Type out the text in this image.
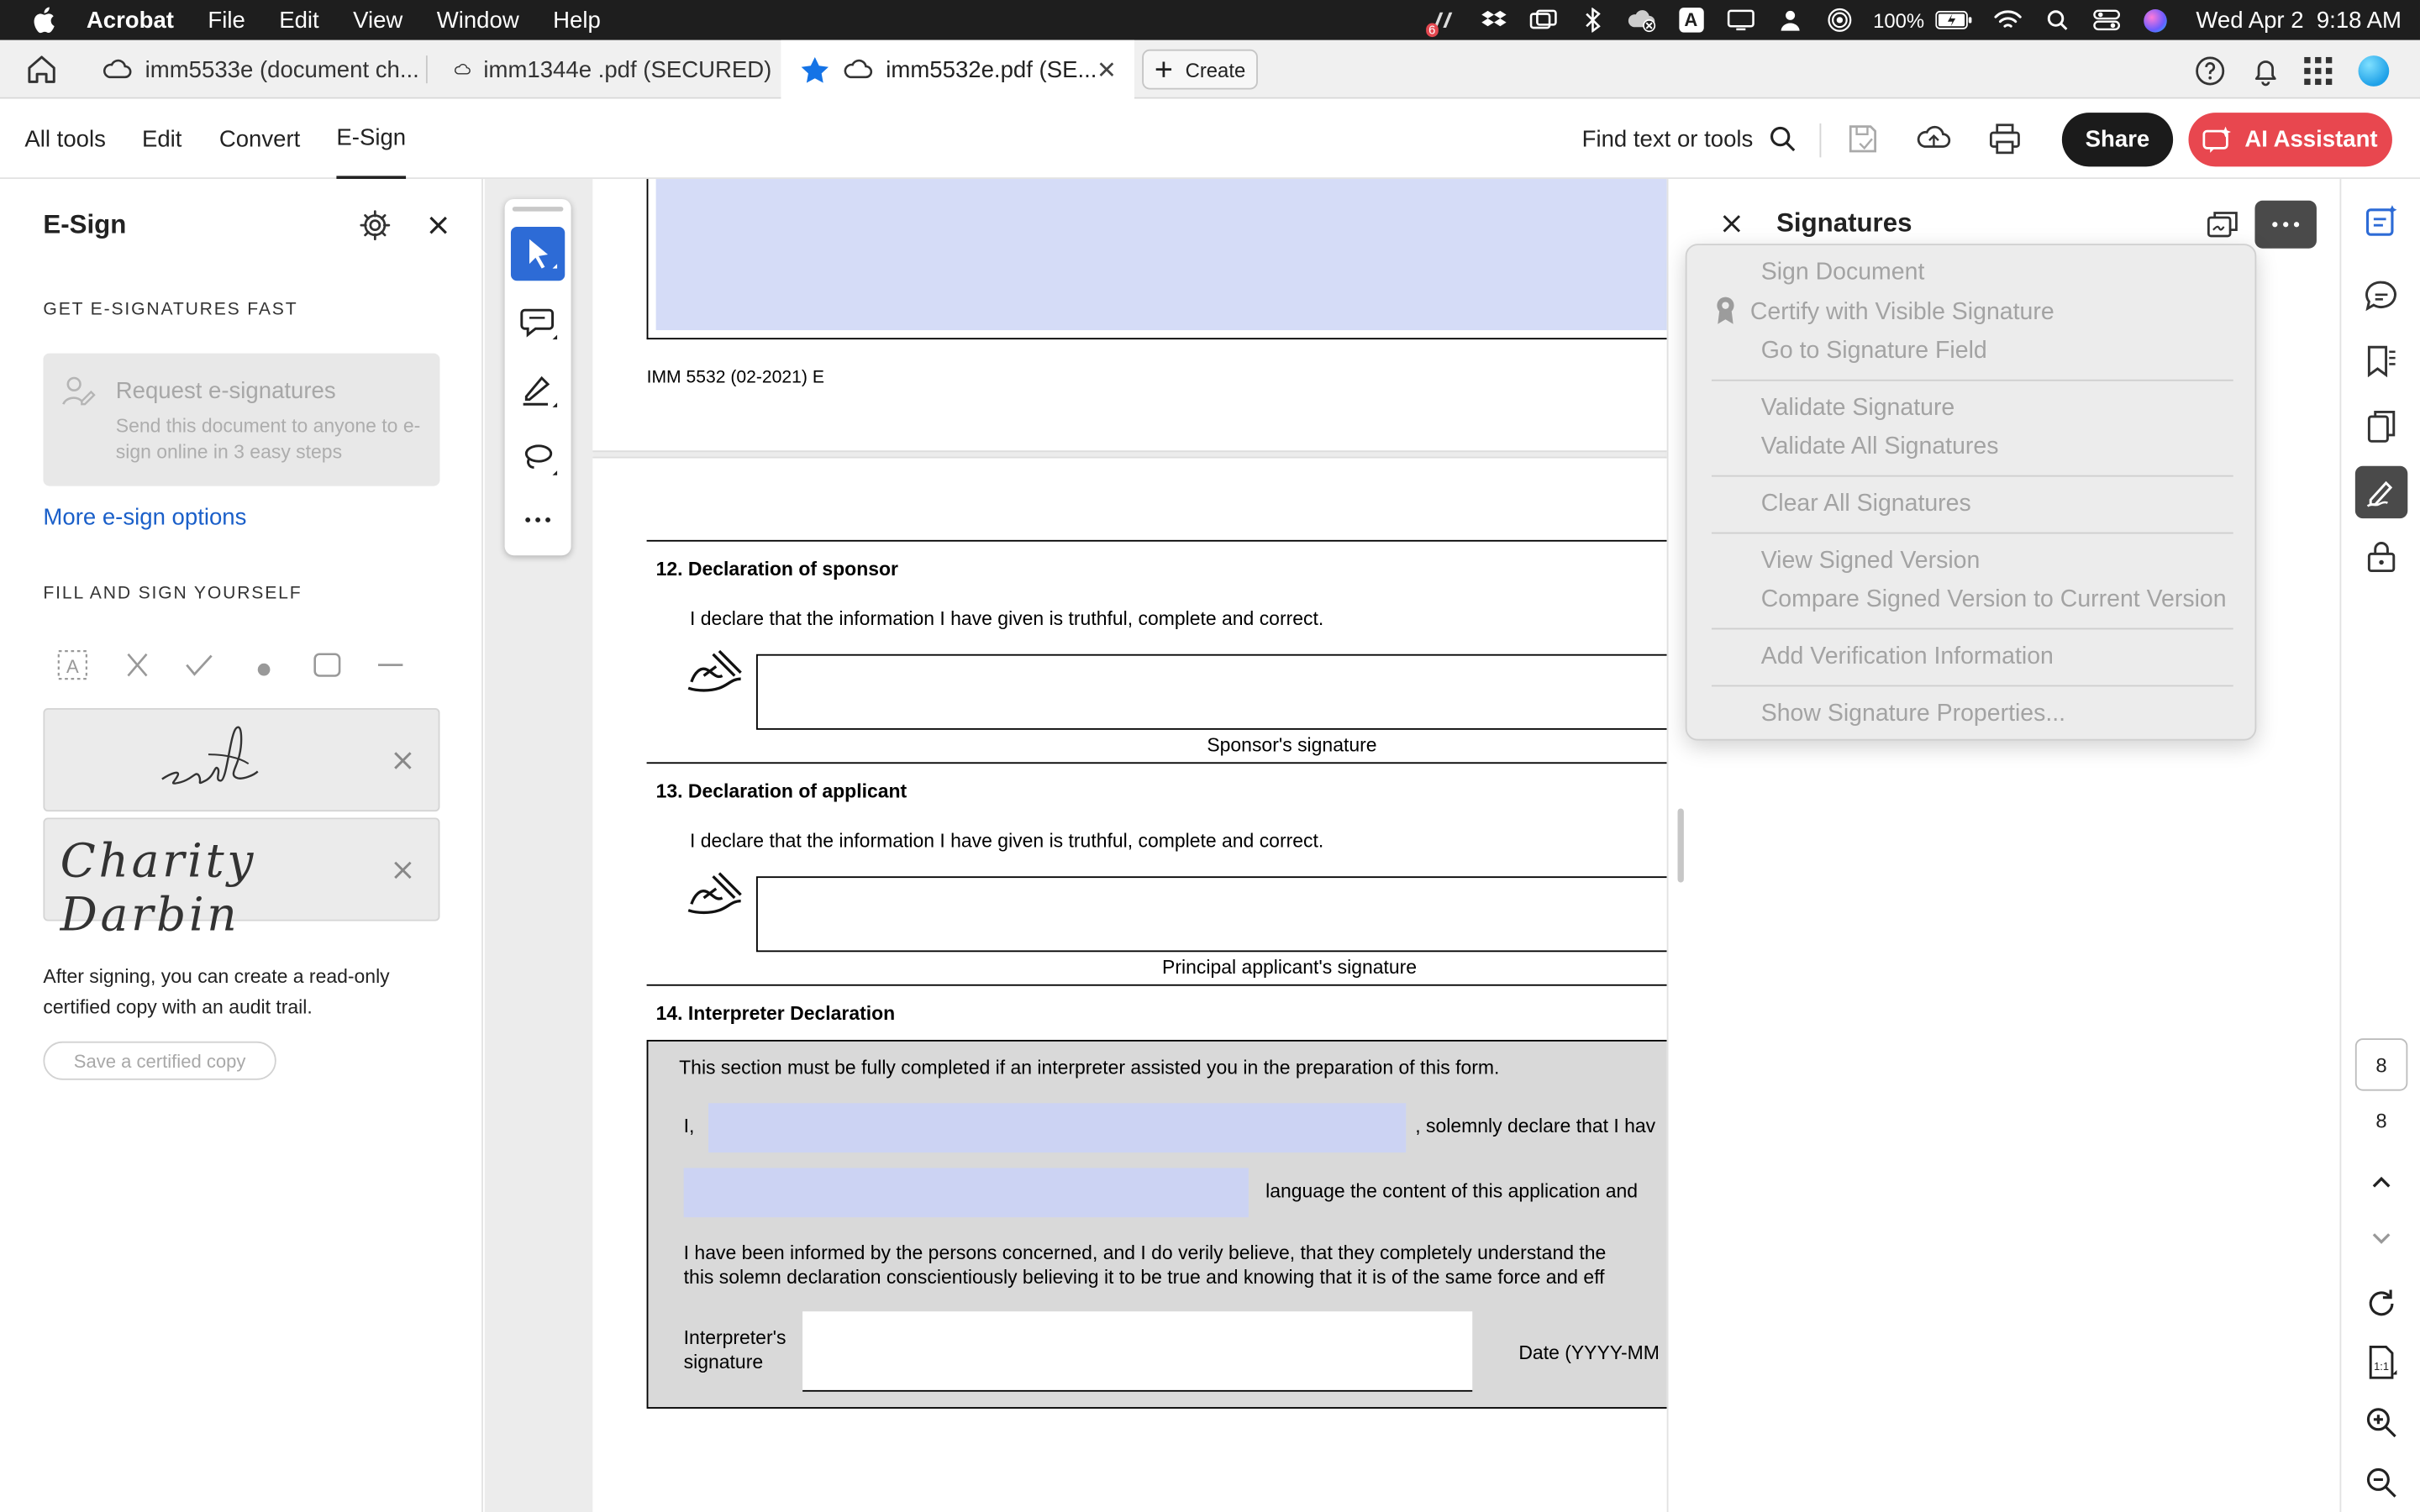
Acrobat	File	Edit	View	Window	Help	6	A	100%	Wed Apr 2  9:18 AM
imm5533e (document ch...	imm1344e .pdf (SECURED)	imm5532e.pdf (SE...	Create
All tools	Edit	Convert	E-Sign	Find text or tools	Share	AI Assistant
E-Sign
GET E-SIGNATURES FAST
Request e-signatures
Send this document to anyone to e-sign online in 3 easy steps
More e-sign options
FILL AND SIGN YOURSELF
A
Charity Darbin
After signing, you can create a read-only certified copy with an audit trail.
Save a certified copy
IMM 5532 (02-2021) E
12. Declaration of sponsor
I declare that the information I have given is truthful, complete and correct.
Sponsor's signature
13. Declaration of applicant
I declare that the information I have given is truthful, complete and correct.
Principal applicant's signature
14. Interpreter Declaration
This section must be fully completed if an interpreter assisted you in the preparation of this form.
I,	, solemnly declare that I hav
language the content of this application and
I have been informed by the persons concerned, and I do verily believe, that they completely understand the
this solemn declaration conscientiously believing it to be true and knowing that it is of the same force and eff
Interpreter's
signature	Date (YYYY-MM
Signatures
Sign Document
Certify with Visible Signature
Go to Signature Field
Validate Signature
Validate All Signatures
Clear All Signatures
View Signed Version
Compare Signed Version to Current Version
Add Verification Information
Show Signature Properties...
8
8
1:1
